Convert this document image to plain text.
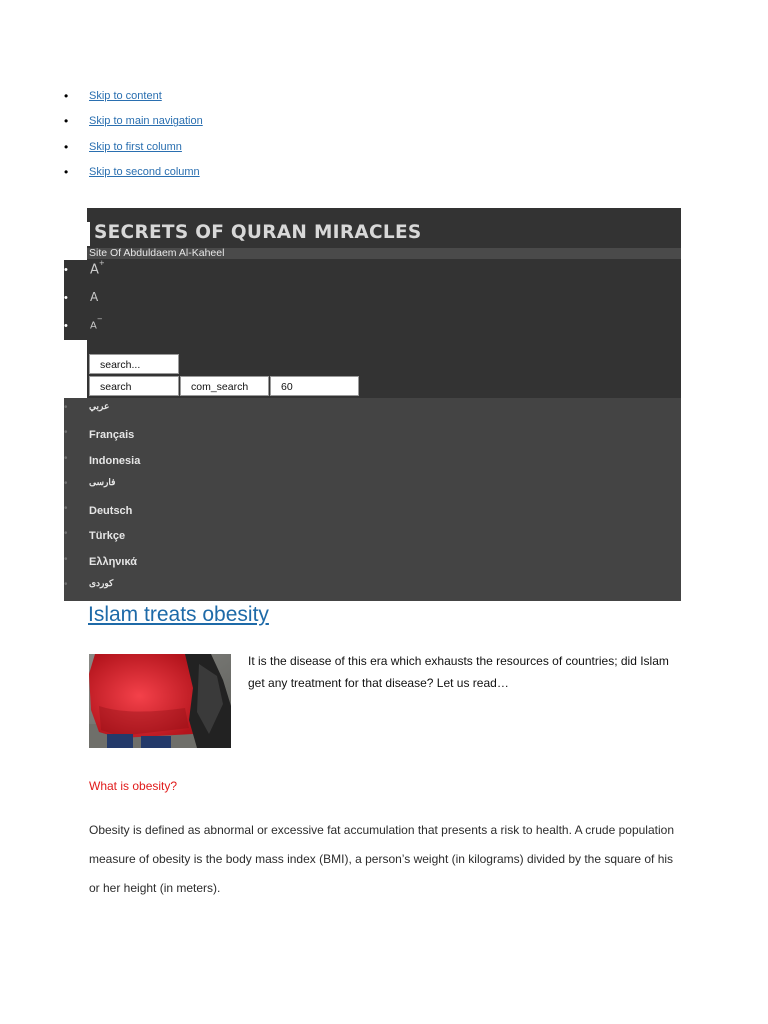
• Skip to content
• Skip to main navigation
• Skip to first column
• Skip to second column
SECRETS OF QURAN MIRACLES
Site Of Abduldaem Al-Kaheel
• A+
• A
• A−
search...
search
com_search
60
• عربي
• Français
• Indonesia
• فارسی
• Deutsch
• Türkçe
• Ελληνικά
• کوردی
Islam treats obesity

It is the disease of this era which exhausts the resources of countries; did Islam get any treatment for that disease? Let us read…

What is obesity?

Obesity is defined as abnormal or excessive fat accumulation that presents a risk to health. A crude population measure of obesity is the body mass index (BMI), a person’s weight (in kilograms) divided by the square of his or her height (in meters).
